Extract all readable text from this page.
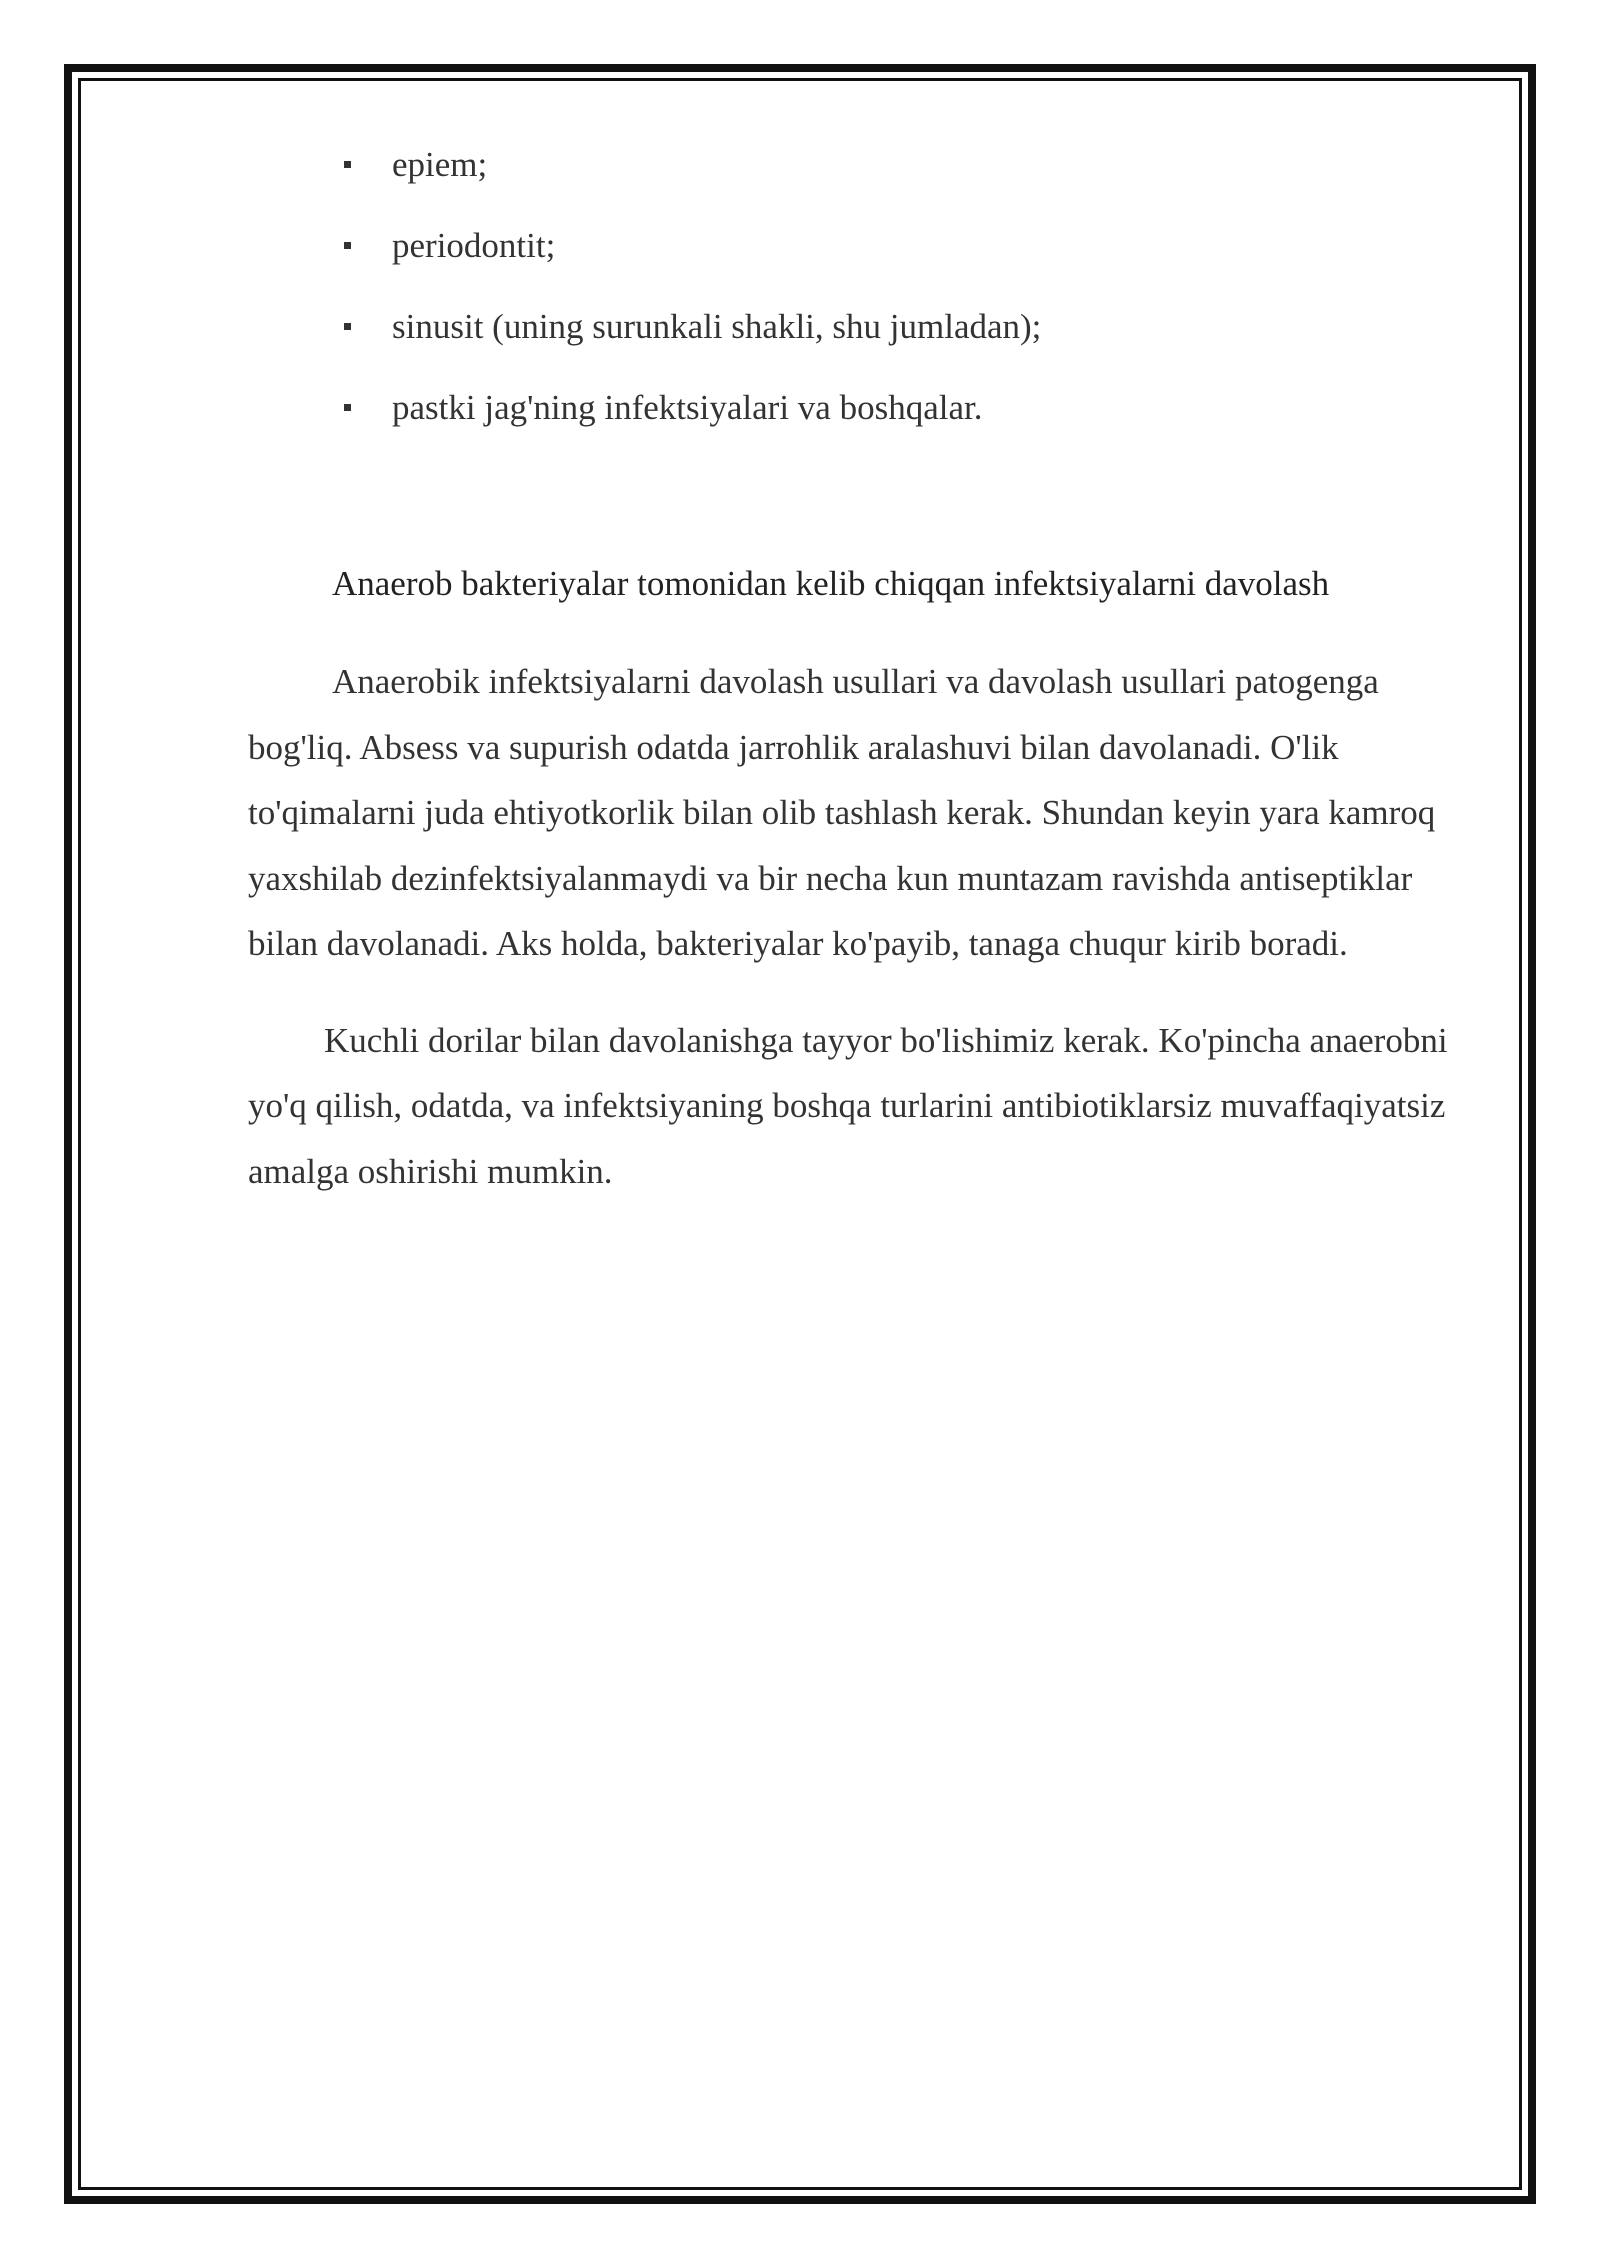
epiem;
periodontit;
sinusit (uning surunkali shakli, shu jumladan);
pastki jag'ning infektsiyalari va boshqalar.
Anaerob bakteriyalar tomonidan kelib chiqqan infektsiyalarni davolash

Anaerobik infektsiyalarni davolash usullari va davolash usullari patogenga bog'liq. Absess va supurish odatda jarrohlik aralashuvi bilan davolanadi. O'lik to'qimalarni juda ehtiyotkorlik bilan olib tashlash kerak. Shundan keyin yara kamroq yaxshilab dezinfektsiyalanmaydi va bir necha kun muntazam ravishda antiseptiklar bilan davolanadi. Aks holda, bakteriyalar ko'payib, tanaga chuqur kirib boradi.

Kuchli dorilar bilan davolanishga tayyor bo'lishimiz kerak. Ko'pincha anaerobni yo'q qilish, odatda, va infektsiyaning boshqa turlarini antibiotiklarsiz muvaffaqiyatsiz amalga oshirishi mumkin.
